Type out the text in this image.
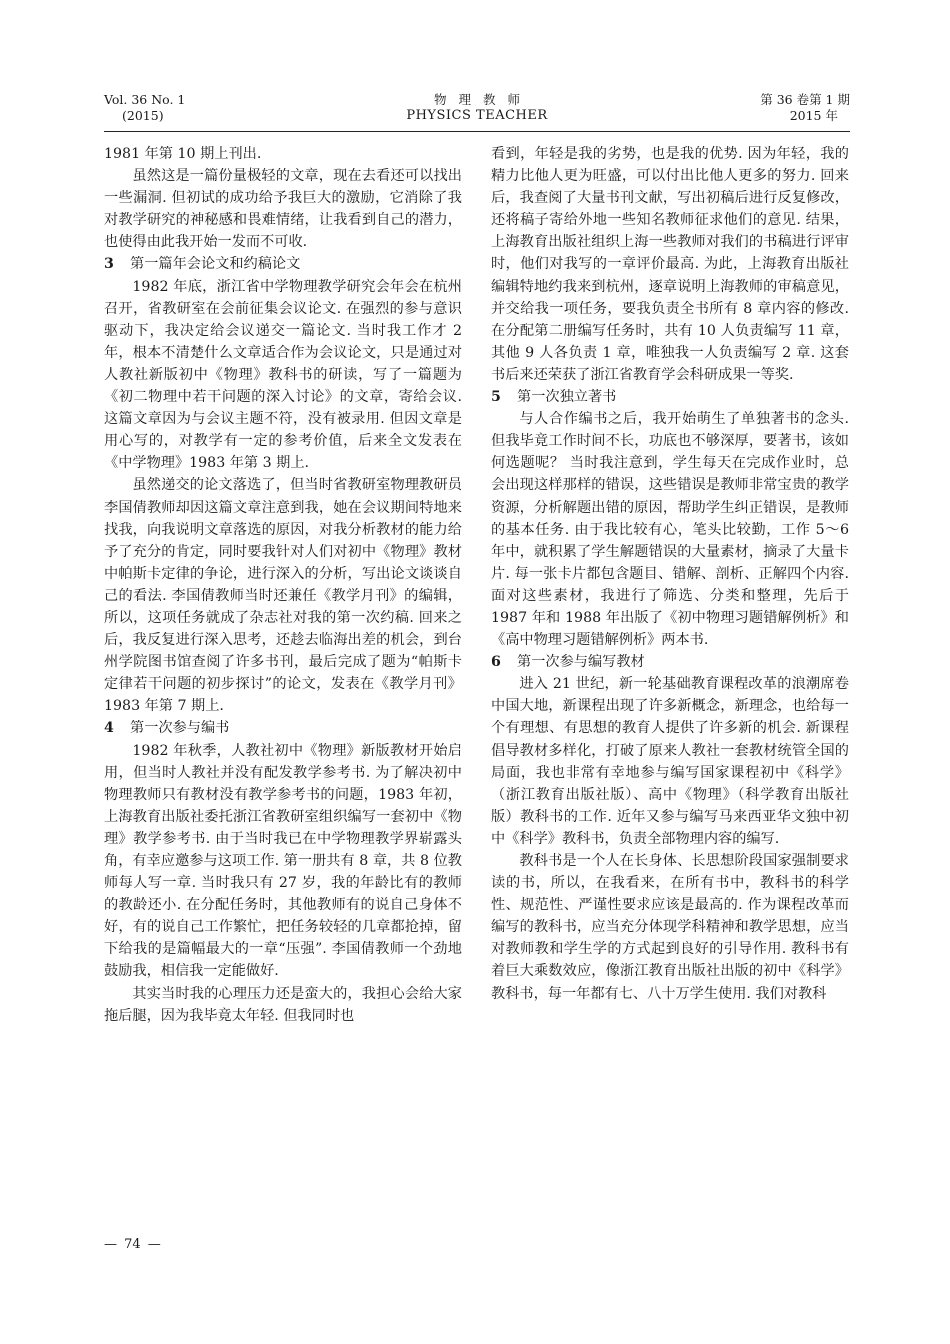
Vol. 36 No. 1
(2015)
物理教师
PHYSICS TEACHER
第 36 卷第 1 期
2015 年

1981 年第 10 期上刊出.

虽然这是一篇份量极轻的文章，现在去看还可以找出一些漏洞. 但初试的成功给予我巨大的激励，它消除了我对教学研究的神秘感和畏难情绪，让我看到自己的潜力，也使得由此我开始一发而不可收.

3 第一篇年会论文和约稿论文

1982 年底，浙江省中学物理教学研究会年会在杭州召开，省教研室在会前征集会议论文. 在强烈的参与意识驱动下，我决定给会议递交一篇论文. 当时我工作才 2 年，根本不清楚什么文章适合作为会议论文，只是通过对人教社新版初中《物理》教科书的研读，写了一篇题为《初二物理中若干问题的深入讨论》的文章，寄给会议. 这篇文章因为与会议主题不符，没有被录用. 但因文章是用心写的，对教学有一定的参考价值，后来全文发表在《中学物理》1983 年第 3 期上.

虽然递交的论文落选了，但当时省教研室物理教研员李国倩教师却因这篇文章注意到我，她在会议期间特地来找我，向我说明文章落选的原因，对我分析教材的能力给予了充分的肯定，同时要我针对人们对初中《物理》教材中帕斯卡定律的争论，进行深入的分析，写出论文谈谈自己的看法. 李国倩教师当时还兼任《教学月刊》的编辑，所以，这项任务就成了杂志社对我的第一次约稿. 回来之后，我反复进行深入思考，还趁去临海出差的机会，到台州学院图书馆查阅了许多书刊，最后完成了题为“帕斯卡定律若干问题的初步探讨”的论文，发表在《教学月刊》1983 年第 7 期上.

4 第一次参与编书

1982 年秋季，人教社初中《物理》新版教材开始启用，但当时人教社并没有配发教学参考书. 为了解决初中物理教师只有教材没有教学参考书的问题，1983 年初，上海教育出版社委托浙江省教研室组织编写一套初中《物理》教学参考书. 由于当时我已在中学物理教学界崭露头角，有幸应邀参与这项工作. 第一册共有 8 章，共 8 位教师每人写一章. 当时我只有 27 岁，我的年龄比有的教师的教龄还小. 在分配任务时，其他教师有的说自己身体不好，有的说自己工作繁忙，把任务较轻的几章都抢掉，留下给我的是篇幅最大的一章“压强”. 李国倩教师一个劲地鼓励我，相信我一定能做好.

其实当时我的心理压力还是蛮大的，我担心会给大家拖后腿，因为我毕竟太年轻. 但我同时也

看到，年轻是我的劣势，也是我的优势. 因为年轻，我的精力比他人更为旺盛，可以付出比他人更多的努力. 回来后，我查阅了大量书刊文献，写出初稿后进行反复修改，还将稿子寄给外地一些知名教师征求他们的意见. 结果，上海教育出版社组织上海一些教师对我们的书稿进行评审时，他们对我写的一章评价最高. 为此，上海教育出版社编辑特地约我来到杭州，逐章说明上海教师的审稿意见，并交给我一项任务，要我负责全书所有 8 章内容的修改. 在分配第二册编写任务时，共有 10 人负责编写 11 章，其他 9 人各负责 1 章，唯独我一人负责编写 2 章. 这套书后来还荣获了浙江省教育学会科研成果一等奖.

5 第一次独立著书

与人合作编书之后，我开始萌生了单独著书的念头. 但我毕竟工作时间不长，功底也不够深厚，要著书，该如何选题呢？ 当时我注意到，学生每天在完成作业时，总会出现这样那样的错误，这些错误是教师非常宝贵的教学资源，分析解题出错的原因，帮助学生纠正错误，是教师的基本任务. 由于我比较有心，笔头比较勤，工作 5～6 年中，就积累了学生解题错误的大量素材，摘录了大量卡片. 每一张卡片都包含题目、错解、剖析、正解四个内容. 面对这些素材，我进行了筛选、分类和整理，先后于 1987 年和 1988 年出版了《初中物理习题错解例析》和《高中物理习题错解例析》两本书.

6 第一次参与编写教材

进入 21 世纪，新一轮基础教育课程改革的浪潮席卷中国大地，新课程出现了许多新概念，新理念，也给每一个有理想、有思想的教育人提供了许多新的机会. 新课程倡导教材多样化，打破了原来人教社一套教材统管全国的局面，我也非常有幸地参与编写国家课程初中《科学》（浙江教育出版社版）、高中《物理》（科学教育出版社版）教科书的工作. 近年又参与编写马来西亚华文独中初中《科学》教科书，负责全部物理内容的编写.

教科书是一个人在长身体、长思想阶段国家强制要求读的书，所以，在我看来，在所有书中，教科书的科学性、规范性、严谨性要求应该是最高的. 作为课程改革而编写的教科书，应当充分体现学科精神和教学思想，应当对教师教和学生学的方式起到良好的引导作用. 教科书有着巨大乘数效应，像浙江教育出版社出版的初中《科学》教科书，每一年都有七、八十万学生使用. 我们对教科

— 74 —
